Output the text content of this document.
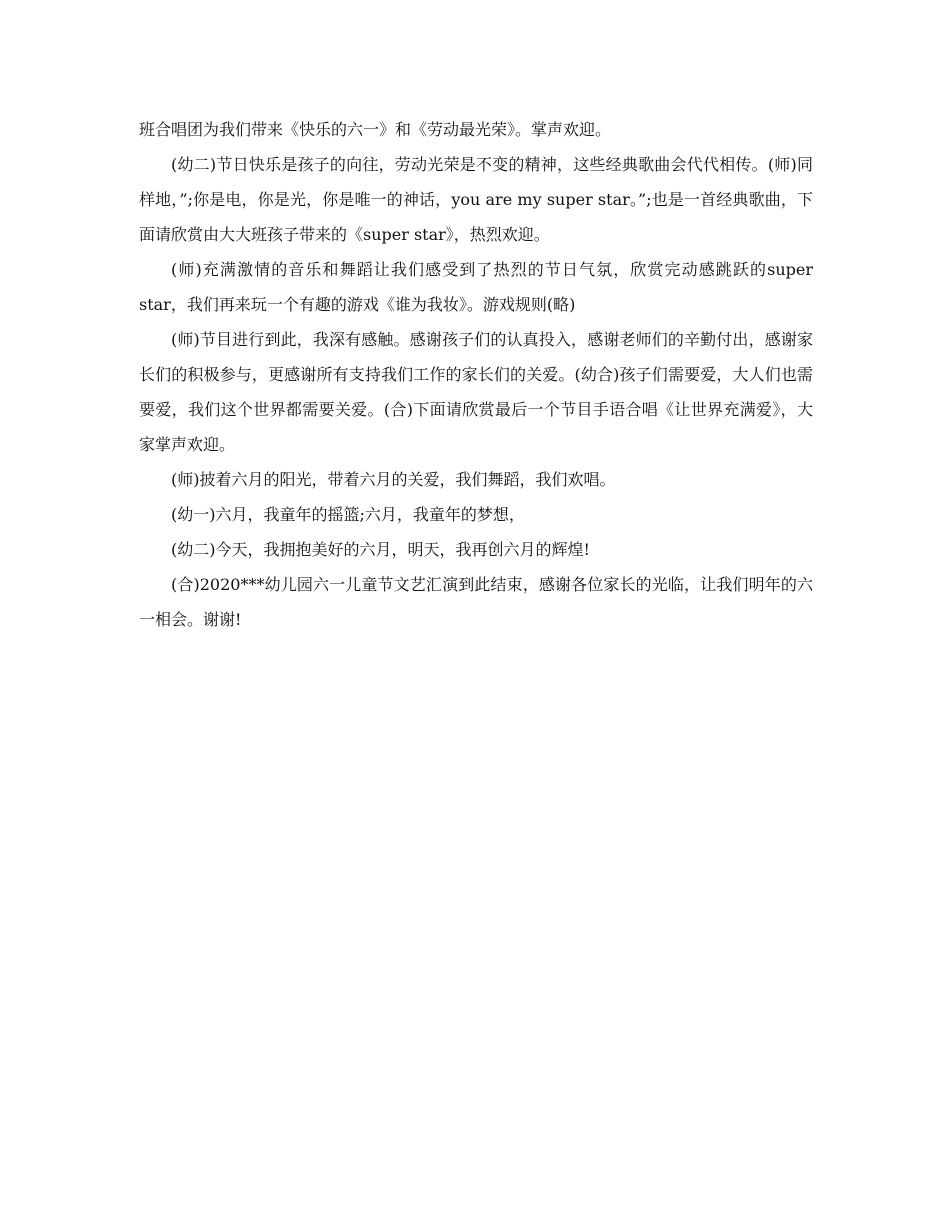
班合唱团为我们带来《快乐的六一》和《劳动最光荣》。掌声欢迎。

(幼二)节日快乐是孩子的向往，劳动光荣是不变的精神，这些经典歌曲会代代相传。(师)同样地，”;你是电，你是光，你是唯一的神话，you are my super star。”;也是一首经典歌曲，下面请欣赏由大大班孩子带来的《super star》，热烈欢迎。

(师)充满激情的音乐和舞蹈让我们感受到了热烈的节日气氛，欣赏完动感跳跃的super star，我们再来玩一个有趣的游戏《谁为我妆》。游戏规则(略)

(师)节目进行到此，我深有感触。感谢孩子们的认真投入，感谢老师们的辛勤付出，感谢家长们的积极参与，更感谢所有支持我们工作的家长们的关爱。(幼合)孩子们需要爱，大人们也需要爱，我们这个世界都需要关爱。(合)下面请欣赏最后一个节目手语合唱《让世界充满爱》，大家掌声欢迎。

(师)披着六月的阳光，带着六月的关爱，我们舞蹈，我们欢唱。

(幼一)六月，我童年的摇篮;六月，我童年的梦想，

(幼二)今天，我拥抱美好的六月，明天，我再创六月的辉煌!

(合)2020***幼儿园六一儿童节文艺汇演到此结束，感谢各位家长的光临，让我们明年的六一相会。谢谢!
